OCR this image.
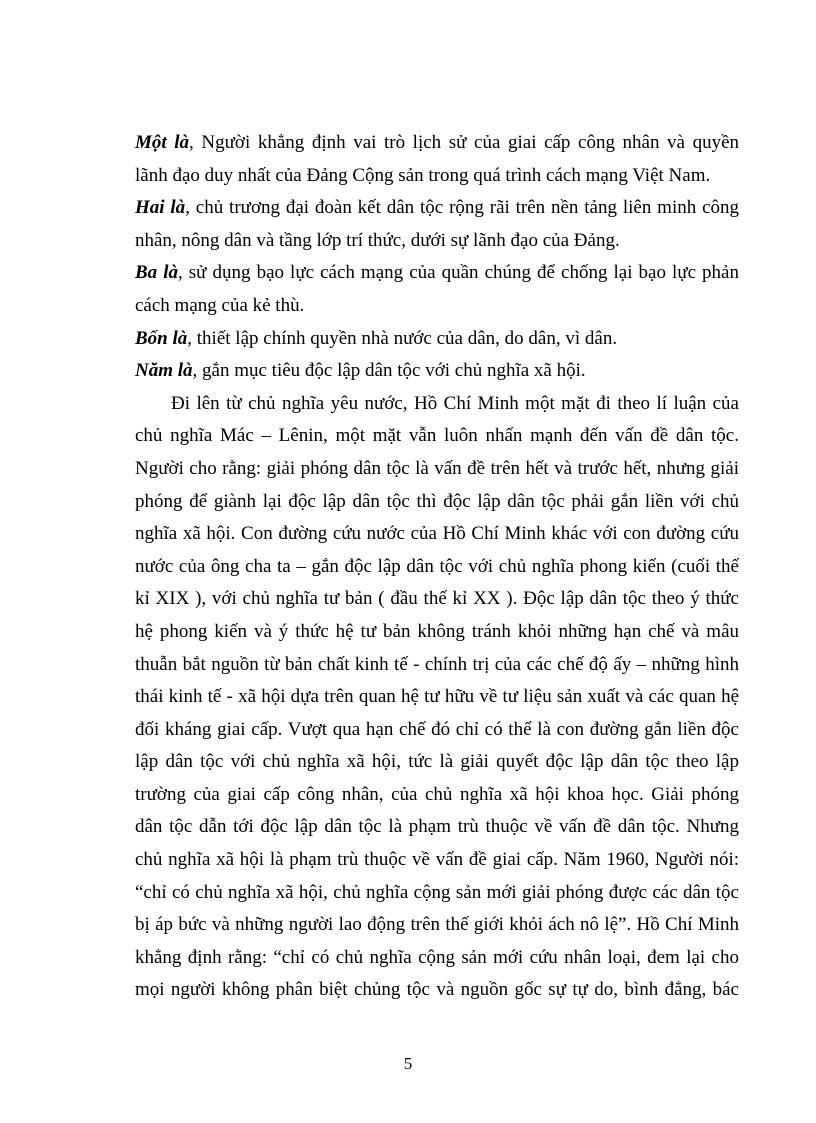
Một là, Người khẳng định vai trò lịch sử của giai cấp công nhân và quyền
lãnh đạo duy nhất của Đảng Cộng sản trong quá trình cách mạng Việt Nam.
Hai là, chủ trương đại đoàn kết dân tộc rộng rãi trên nền tảng liên minh công
nhân, nông dân và tầng lớp trí thức, dưới sự lãnh đạo của Đảng.
Ba là, sử dụng bạo lực cách mạng của quần chúng để chống lại bạo lực phản
cách mạng của kẻ thù.
Bốn là, thiết lập chính quyền nhà nước của dân, do dân, vì dân.
Năm là, gắn mục tiêu độc lập dân tộc với chủ nghĩa xã hội.
Đi lên từ chủ nghĩa yêu nước, Hồ Chí Minh một mặt đi theo lí luận của
chủ nghĩa Mác – Lênin, một mặt vẫn luôn nhấn mạnh đến vấn đề dân tộc.
Người cho rằng: giải phóng dân tộc là vấn đề trên hết và trước hết, nhưng giải
phóng để giành lại độc lập dân tộc thì độc lập dân tộc phải gắn liền với chủ
nghĩa xã hội. Con đường cứu nước của Hồ Chí Minh khác với con đường cứu
nước của ông cha ta – gắn độc lập dân tộc với chủ nghĩa phong kiến (cuối thế
kỉ XIX ), với chủ nghĩa tư bản ( đầu thế kỉ XX ). Độc lập dân tộc theo ý thức
hệ phong kiến và ý thức hệ tư bản không tránh khỏi những hạn chế và mâu
thuẫn bắt nguồn từ bản chất kinh tế - chính trị của các chế độ ấy – những hình
thái kinh tế - xã hội dựa trên quan hệ tư hữu về tư liệu sản xuất và các quan hệ
đối kháng giai cấp. Vượt qua hạn chế đó chỉ có thể là con đường gắn liền độc
lập dân tộc với chủ nghĩa xã hội, tức là giải quyết độc lập dân tộc theo lập
trường của giai cấp công nhân, của chủ nghĩa xã hội khoa học. Giải phóng
dân tộc dẫn tới độc lập dân tộc là phạm trù thuộc về vấn đề dân tộc. Nhưng
chủ nghĩa xã hội là phạm trù thuộc về vấn đề giai cấp. Năm 1960, Người nói:
“chỉ có chủ nghĩa xã hội, chủ nghĩa cộng sản mới giải phóng được các dân tộc
bị áp bức và những người lao động trên thế giới khỏi ách nô lệ”. Hồ Chí Minh
khẳng định rằng: “chỉ có chủ nghĩa cộng sản mới cứu nhân loại, đem lại cho
mọi người không phân biệt chủng tộc và nguồn gốc sự tự do, bình đẳng, bác
5
